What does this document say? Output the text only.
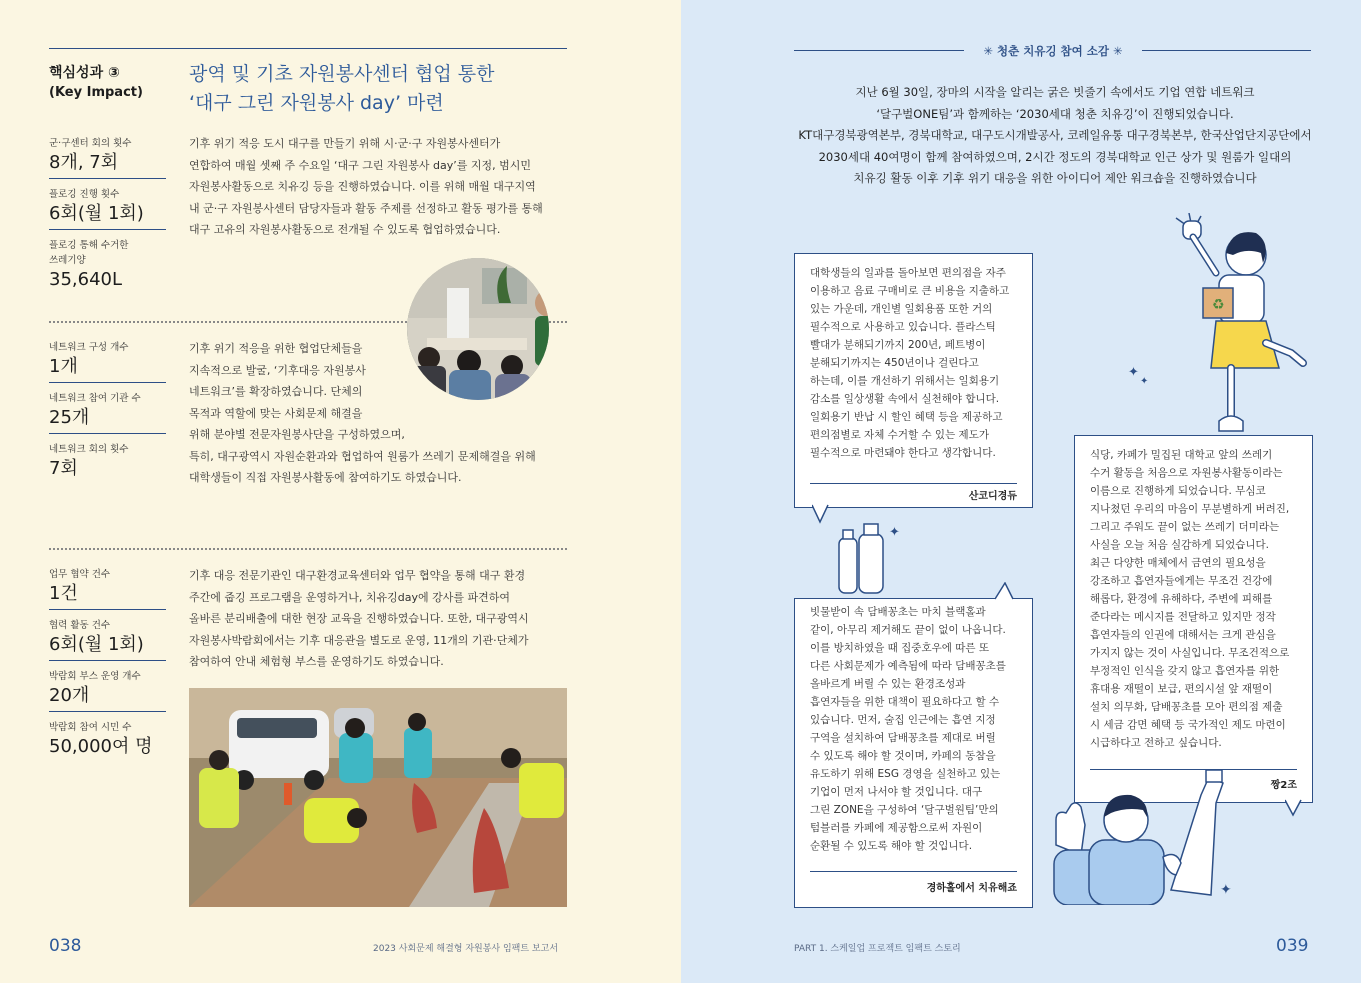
핵심성과 ③
(Key Impact)
광역 및 기초 자원봉사센터 협업 통한
‘대구 그린 자원봉사 day’ 마련
군·구센터 회의 횟수
8개, 7회
플로깅 진행 횟수
6회(월 1회)
플로깅 통해 수거한
쓰레기양
35,640L
기후 위기 적응 도시 대구를 만들기 위해 시·군·구 자원봉사센터가
연합하여 매월 셋째 주 수요일 ‘대구 그린 자원봉사 day’를 지정, 범시민
자원봉사활동으로 치유깅 등을 진행하였습니다. 이를 위해 매월 대구지역
내 군·구 자원봉사센터 담당자들과 활동 주제를 선정하고 활동 평가를 통해
대구 고유의 자원봉사활동으로 전개될 수 있도록 협업하였습니다.
네트워크 구성 개수
1개
네트워크 참여 기관 수
25개
네트워크 회의 횟수
7회
기후 위기 적응을 위한 협업단체들을
지속적으로 발굴, ‘기후대응 자원봉사
네트워크’를 확장하였습니다. 단체의
목적과 역할에 맞는 사회문제 해결을
위해 분야별 전문자원봉사단을 구성하였으며,
특히, 대구광역시 자원순환과와 협업하여 원룸가 쓰레기 문제해결을 위해
대학생들이 직접 자원봉사활동에 참여하기도 하였습니다.
업무 협약 건수
1건
협력 활동 건수
6회(월 1회)
박람회 부스 운영 개수
20개
박람회 참여 시민 수
50,000여 명
기후 대응 전문기관인 대구환경교육센터와 업무 협약을 통해 대구 환경
주간에 줍깅 프로그램을 운영하거나, 치유깅day에 강사를 파견하여
올바른 분리배출에 대한 현장 교육을 진행하였습니다. 또한, 대구광역시
자원봉사박람회에서는 기후 대응관을 별도로 운영, 11개의 기관·단체가
참여하여 안내 체험형 부스를 운영하기도 하였습니다.
038	2023 사회문제 해결형 자원봉사 임팩트 보고서
✳ 청춘 치유깅 참여 소감 ✳
지난 6월 30일, 장마의 시작을 알리는 굵은 빗줄기 속에서도 기업 연합 네트워크
‘달구벌ONE팀’과 함께하는 ‘2030세대 청춘 치유깅’이 진행되었습니다.
KT대구경북광역본부, 경북대학교, 대구도시개발공사, 코레일유통 대구경북본부, 한국산업단지공단에서
2030세대 40여명이 함께 참여하였으며, 2시간 정도의 경북대학교 인근 상가 및 원룸가 일대의
치유깅 활동 이후 기후 위기 대응을 위한 아이디어 제안 워크숍을 진행하였습니다
대학생들의 일과를 돌아보면 편의점을 자주
이용하고 음료 구매비로 큰 비용을 지출하고
있는 가운데, 개인별 일회용품 또한 거의
필수적으로 사용하고 있습니다. 플라스틱
빨대가 분해되기까지 200년, 페트병이
분해되기까지는 450년이나 걸린다고
하는데, 이를 개선하기 위해서는 일회용기
감소를 일상생활 속에서 실천해야 합니다.
일회용기 반납 시 할인 혜택 등을 제공하고
편의점별로 자체 수거할 수 있는 제도가
필수적으로 마련돼야 한다고 생각합니다.
산코디경듀
식당, 카페가 밀집된 대학교 앞의 쓰레기
수거 활동을 처음으로 자원봉사활동이라는
이름으로 진행하게 되었습니다. 무심코
지나쳤던 우리의 마음이 무분별하게 버려진,
그리고 주워도 끝이 없는 쓰레기 더미라는
사실을 오늘 처음 실감하게 되었습니다.
최근 다양한 매체에서 금연의 필요성을
강조하고 흡연자들에게는 무조건 건강에
해롭다, 환경에 유해하다, 주변에 피해를
준다라는 메시지를 전달하고 있지만 정작
흡연자들의 인권에 대해서는 크게 관심을
가지지 않는 것이 사실입니다. 무조건적으로
부정적인 인식을 갖지 않고 흡연자를 위한
휴대용 재떨이 보급, 편의시설 앞 재떨이
설치 의무화, 담배꽁초를 모아 편의점 제출
시 세금 감면 혜택 등 국가적인 제도 마련이
시급하다고 전하고 싶습니다.
짱2조
빗물받이 속 담배꽁초는 마치 블랙홀과
같이, 아무리 제거해도 끝이 없이 나옵니다.
이를 방치하였을 때 집중호우에 따른 또
다른 사회문제가 예측됨에 따라 담배꽁초를
올바르게 버릴 수 있는 환경조성과
흡연자들을 위한 대책이 필요하다고 할 수
있습니다. 먼저, 술집 인근에는 흡연 지정
구역을 설치하여 담배꽁초를 제대로 버릴
수 있도록 해야 할 것이며, 카페의 동참을
유도하기 위해 ESG 경영을 실천하고 있는
기업이 먼저 나서야 할 것입니다. 대구
그린 ZONE을 구성하여 ‘달구벌원팀’만의
텀블러를 카페에 제공함으로써 자원이
순환될 수 있도록 해야 할 것입니다.
경하홀에서 치유해죠
✦
♻
✦
✦
✦
PART 1. 스케일업 프로젝트 임팩트 스토리	039
